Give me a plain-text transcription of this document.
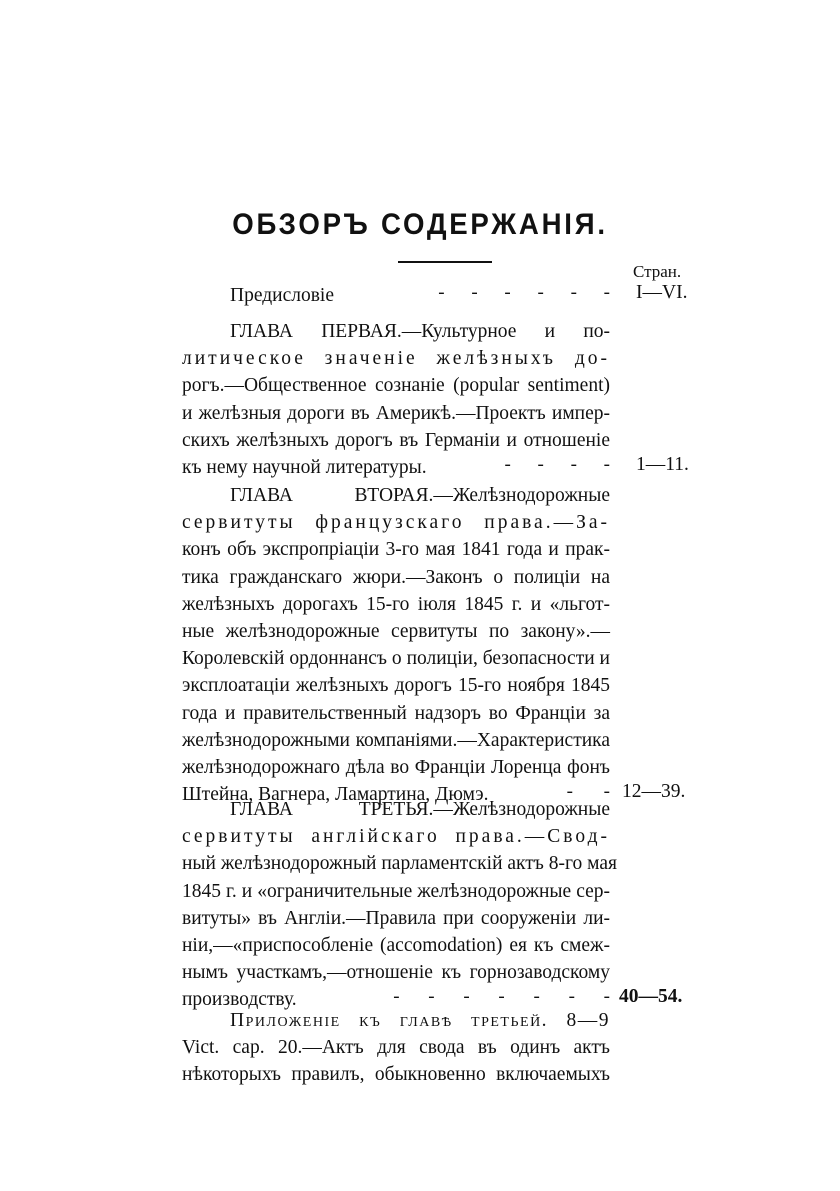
ОБЗОРЪ СОДЕРЖАНІЯ.
Стран.
Предисловіе	- - - - - - I—VI.
ГЛАВА ПЕРВАЯ.—Культурное и по-
литическое значеніе желѣзныхъ до-
рогъ.—Общественное сознаніе (popular sentiment)
и желѣзныя дороги въ Америкѣ.—Проектъ импер-
скихъ желѣзныхъ дорогъ въ Германіи и отношеніе
къ нему научной литературы.	- - - - 1—11.
ГЛАВА ВТОРАЯ.—Желѣзнодорожные
сервитуты французскаго права.—За-
конъ объ экспропріаціи 3-го мая 1841 года и прак-
тика гражданскаго жюри.—Законъ о полиціи на
желѣзныхъ дорогахъ 15-го іюля 1845 г. и «льгот-
ные желѣзнодорожные сервитуты по закону».—
Королевскій ордоннансъ о полиціи, безопасности и
эксплоатаціи желѣзныхъ дорогъ 15-го ноября 1845
года и правительственный надзоръ во Франціи за
желѣзнодорожными компаніями.—Характеристика
желѣзнодорожнаго дѣла во Франціи Лоренца фонъ
Штейна, Вагнера, Ламартина, Дюмэ.	- - 12—39.
ГЛАВА ТРЕТЬЯ.—Желѣзнодорожные
сервитуты англійскаго права.—Свод-
ный желѣзнодорожный парламентскій актъ 8-го мая
1845 г. и «ограничительные желѣзнодорожные сер-
витуты» въ Англіи.—Правила при сооруженіи ли-
ніи,—«приспособленіе (accomodation) ея къ смеж-
нымъ участкамъ,—отношеніе къ горнозаводскому
производству.	- - - - - - - 40—54.
Приложеніе къ главѣ третьей. 8—9
Vict. cap. 20.—Актъ для свода въ одинъ актъ
нѣкоторыхъ правилъ, обыкновенно включаемыхъ
